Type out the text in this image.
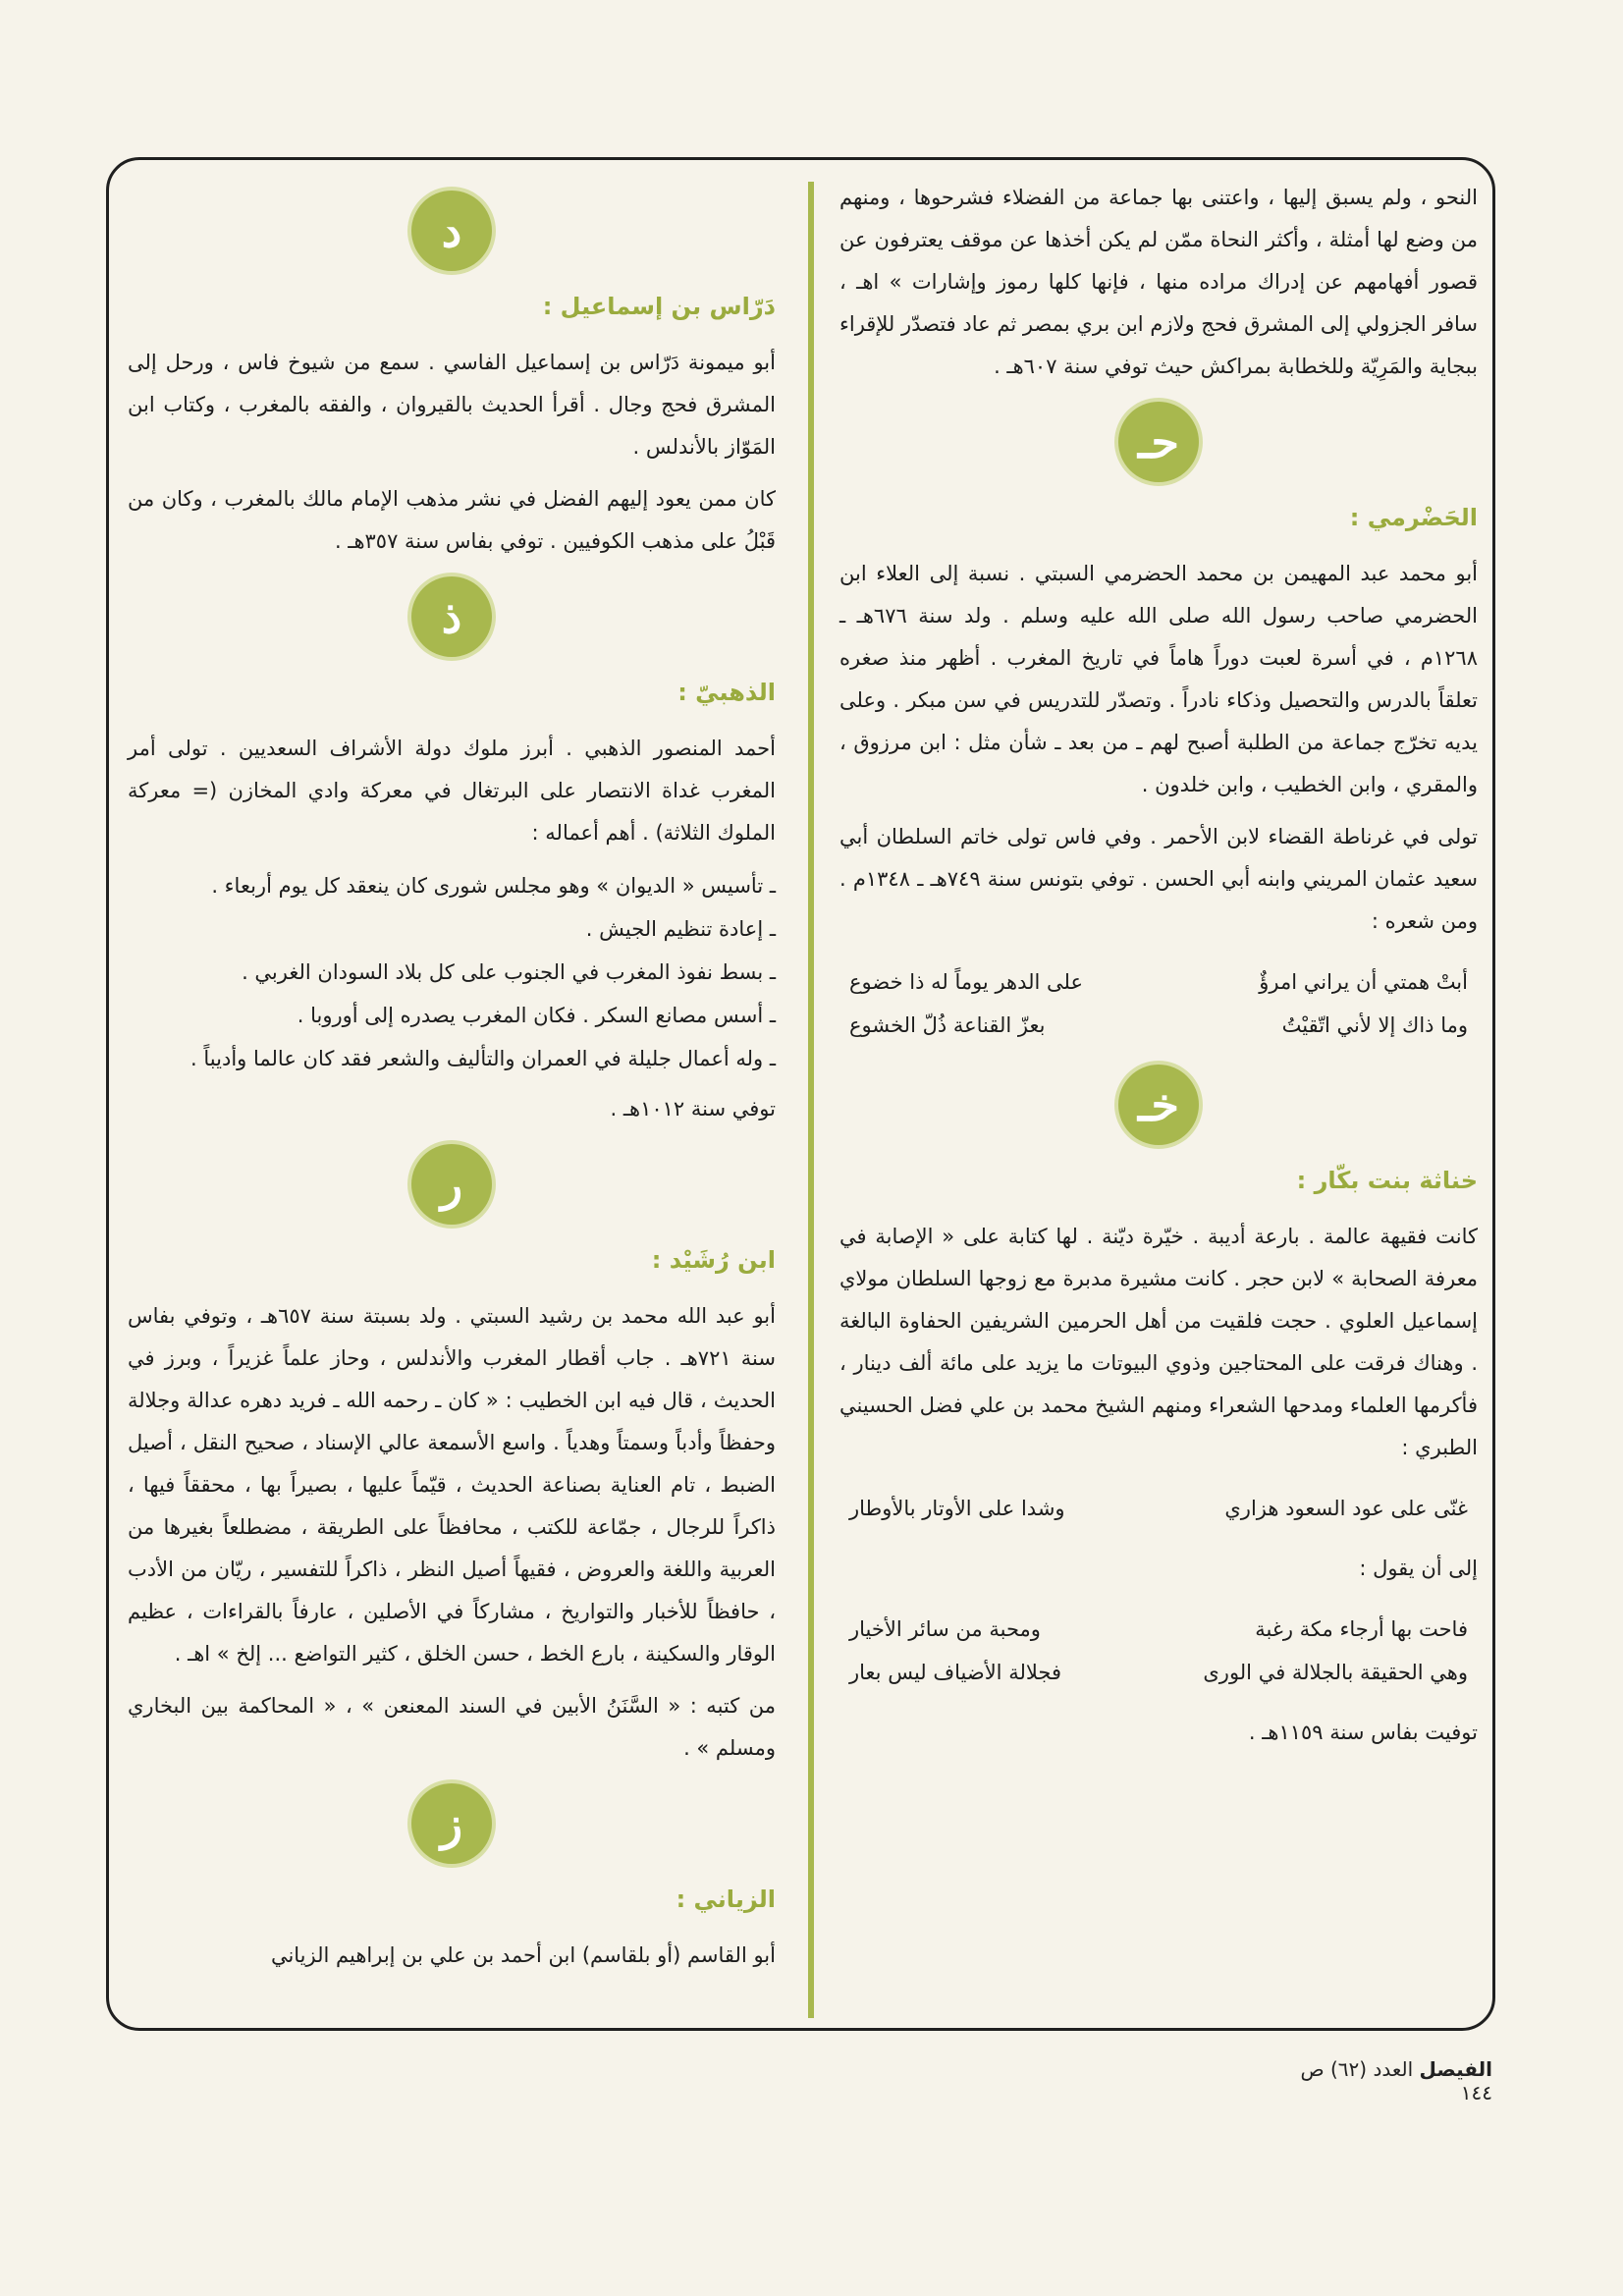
النحو ، ولم يسبق إليها ، واعتنى بها جماعة من الفضلاء فشرحوها ، ومنهم من وضع لها أمثلة ، وأكثر النحاة ممّن لم يكن أخذها عن موقف يعترفون عن قصور أفهامهم عن إدراك مراده منها ، فإنها كلها رموز وإشارات » اهـ ، سافر الجزولي إلى المشرق فحج ولازم ابن بري بمصر ثم عاد فتصدّر للإقراء ببجاية والمَرِيّة وللخطابة بمراكش حيث توفي سنة ٦٠٧هـ .

حـ
الحَضْرمي :

أبو محمد عبد المهيمن بن محمد الحضرمي السبتي . نسبة إلى العلاء ابن الحضرمي صاحب رسول الله صلى الله عليه وسلم . ولد سنة ٦٧٦هـ ـ ١٢٦٨م ، في أسرة لعبت دوراً هاماً في تاريخ المغرب . أظهر منذ صغره تعلقاً بالدرس والتحصيل وذكاء نادراً . وتصدّر للتدريس في سن مبكر . وعلى يديه تخرّج جماعة من الطلبة أصبح لهم ـ من بعد ـ شأن مثل : ابن مرزوق ، والمقري ، وابن الخطيب ، وابن خلدون .

تولى في غرناطة القضاء لابن الأحمر . وفي فاس تولى خاتم السلطان أبي سعيد عثمان المريني وابنه أبي الحسن . توفي بتونس سنة ٧٤٩هـ ـ ١٣٤٨م . ومن شعره :

أبتْ همتي أن يراني امرؤٌ
على الدهر يوماً له ذا خضوع
وما ذاك إلا لأني اتّقيْتُ
بعزّ القناعة ذُلّ الخشوع
خـ
خناثة بنت بكّار :

كانت فقيهة عالمة . بارعة أديبة . خيّرة ديّنة . لها كتابة على « الإصابة في معرفة الصحابة » لابن حجر . كانت مشيرة مدبرة مع زوجها السلطان مولاي إسماعيل العلوي . حجت فلقيت من أهل الحرمين الشريفين الحفاوة البالغة . وهناك فرقت على المحتاجين وذوي البيوتات ما يزيد على مائة ألف دينار ، فأكرمها العلماء ومدحها الشعراء ومنهم الشيخ محمد بن علي فضل الحسيني الطبري :

غنّى على عود السعود هزاري
وشدا على الأوتار بالأوطار

إلى أن يقول :

فاحت بها أرجاء مكة رغبة
ومحبة من سائر الأخيار
وهي الحقيقة بالجلالة في الورى
فجلالة الأضياف ليس بعار

توفيت بفاس سنة ١١٥٩هـ .

د
دَرّاس بن إسماعيل :

أبو ميمونة دَرّاس بن إسماعيل الفاسي . سمع من شيوخ فاس ، ورحل إلى المشرق فحج وجال . أقرأ الحديث بالقيروان ، والفقه بالمغرب ، وكتاب ابن المَوّاز بالأندلس .

كان ممن يعود إليهم الفضل في نشر مذهب الإمام مالك بالمغرب ، وكان من قَبْلُ على مذهب الكوفيين . توفي بفاس سنة ٣٥٧هـ .

ذ
الذهبيّ :

أحمد المنصور الذهبي . أبرز ملوك دولة الأشراف السعديين . تولى أمر المغرب غداة الانتصار على البرتغال في معركة وادي المخازن (= معركة الملوك الثلاثة) . أهم أعماله :

ـ تأسيس « الديوان » وهو مجلس شورى كان ينعقد كل يوم أربعاء .
ـ إعادة تنظيم الجيش .
ـ بسط نفوذ المغرب في الجنوب على كل بلاد السودان الغربي .
ـ أسس مصانع السكر . فكان المغرب يصدره إلى أوروبا .
ـ وله أعمال جليلة في العمران والتأليف والشعر فقد كان عالما وأديباً .

توفي سنة ١٠١٢هـ .

ر
ابن رُشَيْد :

أبو عبد الله محمد بن رشيد السبتي . ولد بسبتة سنة ٦٥٧هـ ، وتوفي بفاس سنة ٧٢١هـ . جاب أقطار المغرب والأندلس ، وحاز علماً غزيراً ، وبرز في الحديث ، قال فيه ابن الخطيب : « كان ـ رحمه الله ـ فريد دهره عدالة وجلالة وحفظاً وأدباً وسمتاً وهدياً . واسع الأسمعة عالي الإسناد ، صحيح النقل ، أصيل الضبط ، تام العناية بصناعة الحديث ، قيّماً عليها ، بصيراً بها ، محققاً فيها ، ذاكراً للرجال ، جمّاعة للكتب ، محافظاً على الطريقة ، مضطلعاً بغيرها من العربية واللغة والعروض ، فقيهاً أصيل النظر ، ذاكراً للتفسير ، ريّان من الأدب ، حافظاً للأخبار والتواريخ ، مشاركاً في الأصلين ، عارفاً بالقراءات ، عظيم الوقار والسكينة ، بارع الخط ، حسن الخلق ، كثير التواضع ... إلخ » اهـ .

من كتبه : « السَّنَنُ الأبين في السند المعنعن » ، « المحاكمة بين البخاري ومسلم » .

ز
الزياني :

أبو القاسم (أو بلقاسم) ابن أحمد بن علي بن إبراهيم الزياني

الفيصل العدد (٦٢) ص ١٤٤
